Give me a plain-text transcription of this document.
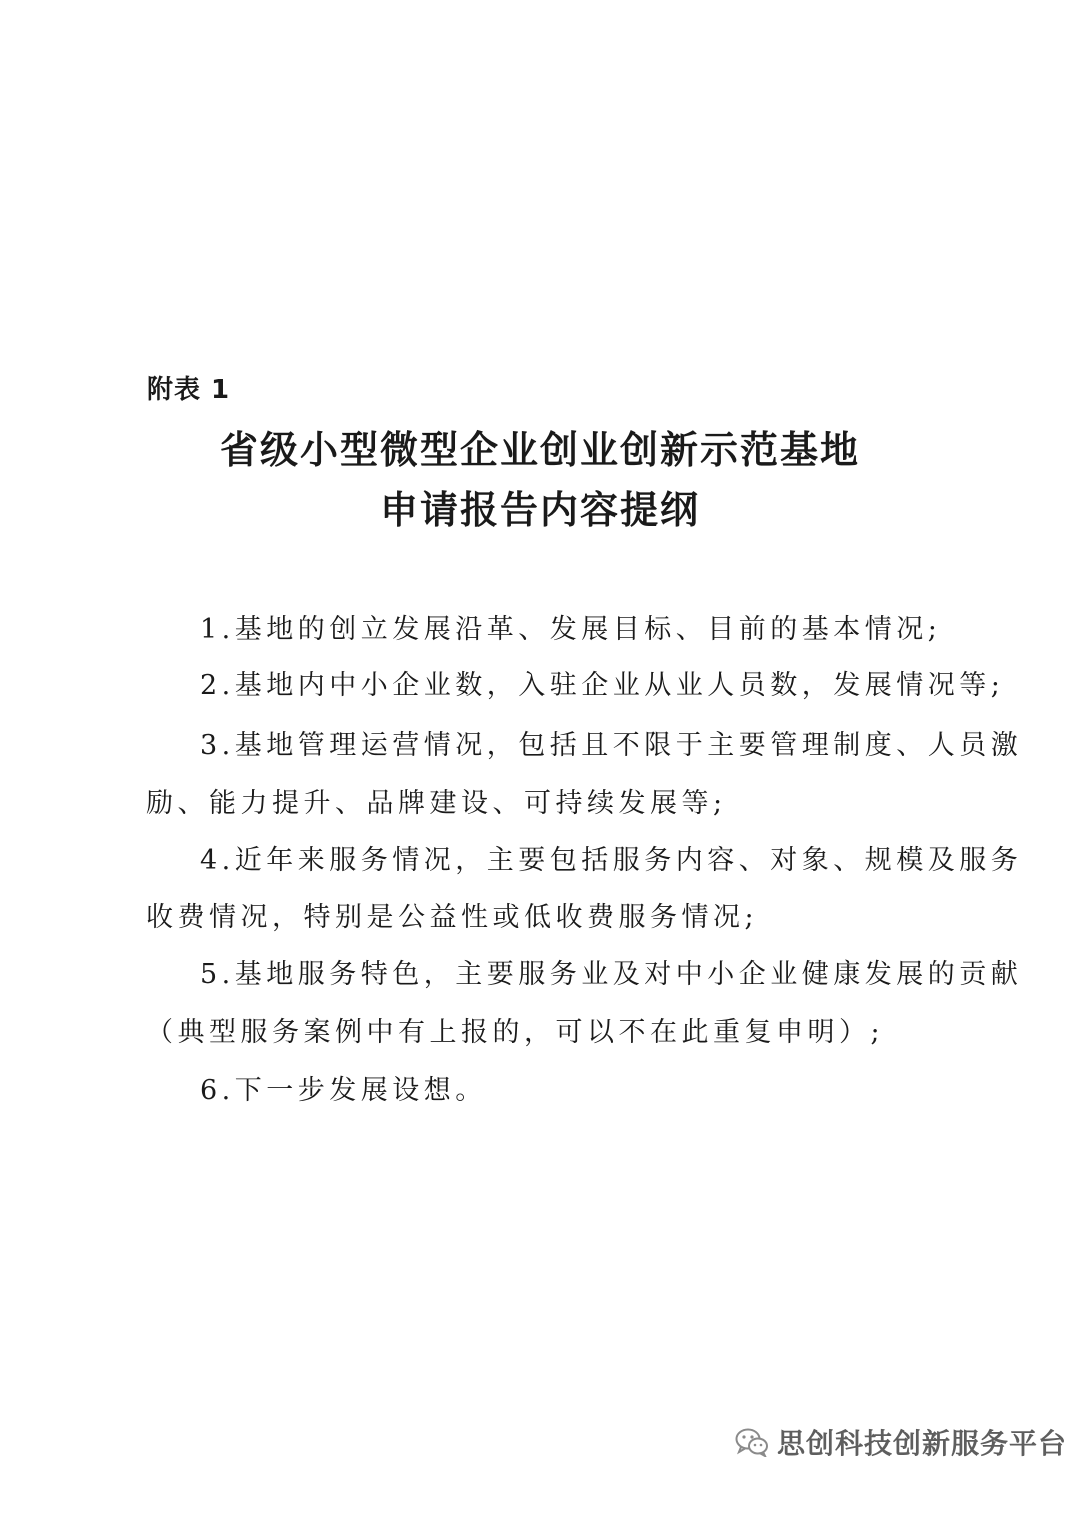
附表 1
省级小型微型企业创业创新示范基地
申请报告内容提纲
1.基地的创立发展沿革、发展目标、目前的基本情况;
2.基地内中小企业数，入驻企业从业人员数，发展情况等;
3.基地管理运营情况，包括且不限于主要管理制度、人员激
励、能力提升、品牌建设、可持续发展等;
4.近年来服务情况，主要包括服务内容、对象、规模及服务
收费情况，特别是公益性或低收费服务情况;
5.基地服务特色，主要服务业及对中小企业健康发展的贡献
（典型服务案例中有上报的，可以不在此重复申明）;
6.下一步发展设想。
思创科技创新服务平台
